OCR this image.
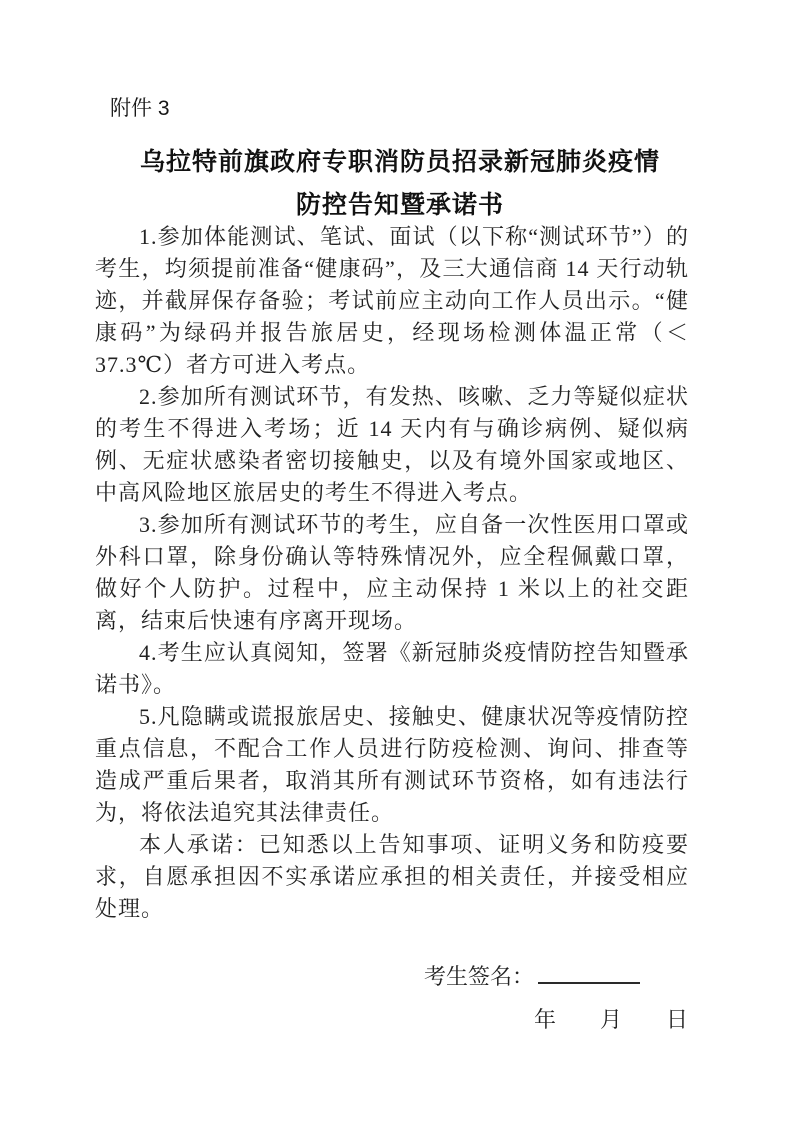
附件 3
乌拉特前旗政府专职消防员招录新冠肺炎疫情
防控告知暨承诺书

1.参加体能测试、笔试、面试（以下称“测试环节”）的考生，均须提前准备“健康码”，及三大通信商 14 天行动轨迹，并截屏保存备验；考试前应主动向工作人员出示。“健康码”为绿码并报告旅居史，经现场检测体温正常（＜37.3℃）者方可进入考点。

2.参加所有测试环节，有发热、咳嗽、乏力等疑似症状的考生不得进入考场；近 14 天内有与确诊病例、疑似病例、无症状感染者密切接触史，以及有境外国家或地区、中高风险地区旅居史的考生不得进入考点。

3.参加所有测试环节的考生，应自备一次性医用口罩或外科口罩，除身份确认等特殊情况外，应全程佩戴口罩，做好个人防护。过程中，应主动保持 1 米以上的社交距离，结束后快速有序离开现场。

4.考生应认真阅知，签署《新冠肺炎疫情防控告知暨承诺书》。

5.凡隐瞒或谎报旅居史、接触史、健康状况等疫情防控重点信息，不配合工作人员进行防疫检测、询问、排查等造成严重后果者，取消其所有测试环节资格，如有违法行为，将依法追究其法律责任。

本人承诺：已知悉以上告知事项、证明义务和防疫要求，自愿承担因不实承诺应承担的相关责任，并接受相应处理。

考生签名：
年　　月　　日
